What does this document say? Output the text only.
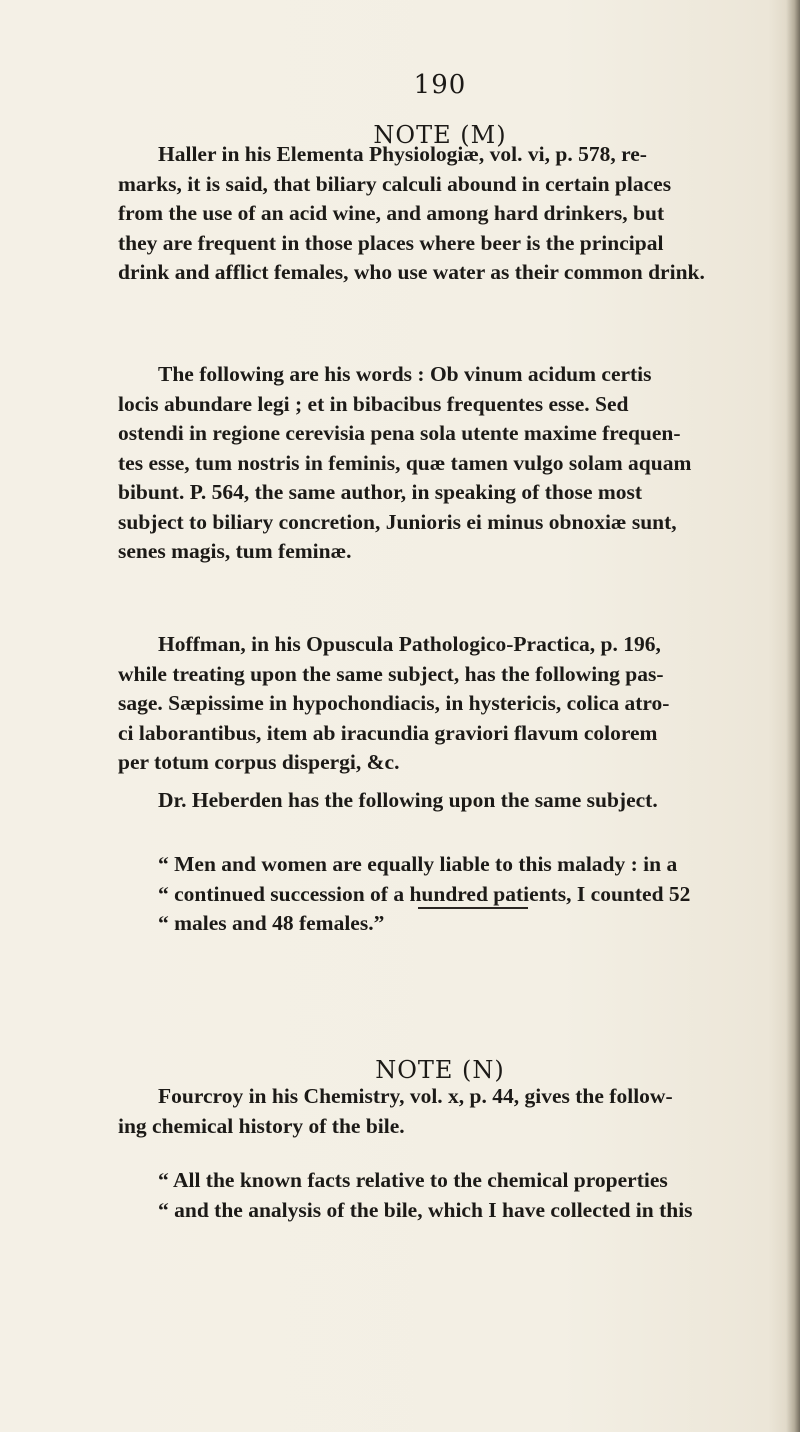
190
NOTE (M)
Haller in his Elementa Physiologiæ, vol. vi, p. 578, re-
marks, it is said, that biliary calculi abound in certain places
from the use of an acid wine, and among hard drinkers, but
they are frequent in those places where beer is the principal
drink and afflict females, who use water as their common drink.
The following are his words : Ob vinum acidum certis
locis abundare legi ; et in bibacibus frequentes esse. Sed
ostendi in regione cerevisia pena sola utente maxime frequen-
tes esse, tum nostris in feminis, quæ tamen vulgo solam aquam
bibunt. P. 564, the same author, in speaking of those most
subject to biliary concretion, Junioris ei minus obnoxiæ sunt,
senes magis, tum feminæ.
Hoffman, in his Opuscula Pathologico-Practica, p. 196,
while treating upon the same subject, has the following pas-
sage. Sæpissime in hypochondiacis, in hystericis, colica atro-
ci laborantibus, item ab iracundia graviori flavum colorem
per totum corpus dispergi, &c.
Dr. Heberden has the following upon the same subject.
“ Men and women are equally liable to this malady : in a
“ continued succession of a hundred patients, I counted 52
“ males and 48 females.”
NOTE (N)
Fourcroy in his Chemistry, vol. x, p. 44, gives the follow-
ing chemical history of the bile.
“ All the known facts relative to the chemical properties
“ and the analysis of the bile, which I have collected in this
